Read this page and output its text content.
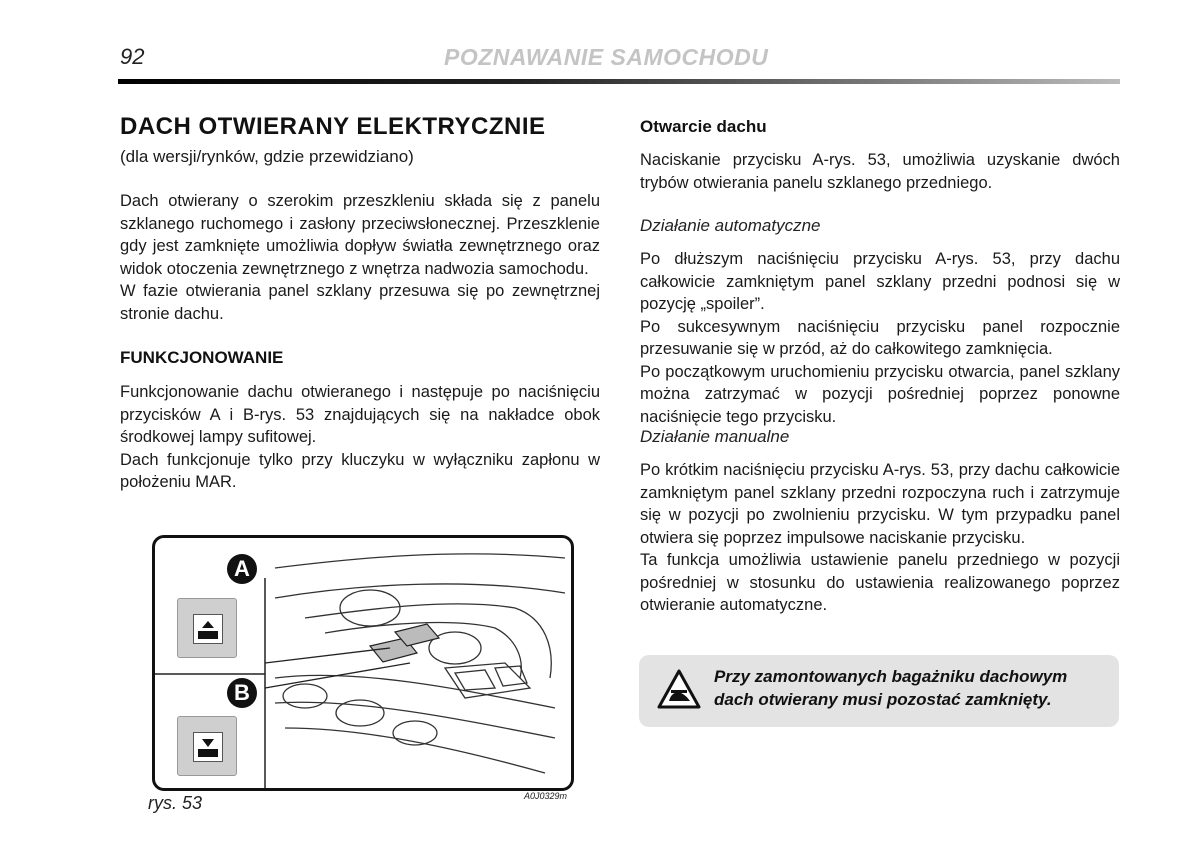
92	POZNAWANIE SAMOCHODU
DACH OTWIERANY ELEKTRYCZNIE
(dla wersji/rynków, gdzie przewidziano)

Dach otwierany o szerokim przeszkleniu składa się z panelu szklanego ruchomego i zasłony przeciwsłonecznej. Przeszklenie gdy jest zamknięte umożliwia dopływ światła zewnętrznego oraz widok otoczenia zewnętrznego z wnętrza nadwozia samochodu.

W fazie otwierania panel szklany przesuwa się po zewnętrznej stronie dachu.

FUNKCJONOWANIE

Funkcjonowanie dachu otwieranego i następuje po naciśnięciu przycisków A i B-rys. 53 znajdujących się na nakładce obok środkowej lampy sufitowej.

Dach funkcjonuje tylko przy kluczyku w wyłączniku zapłonu w położeniu MAR.

A
B
rys. 53	A0J0329m
Otwarcie dachu
Naciskanie przycisku A-rys. 53, umożliwia uzyskanie dwóch trybów otwierania panelu szklanego przedniego.
Działanie automatyczne

Po dłuższym naciśnięciu przycisku A-rys. 53, przy dachu całkowicie zamkniętym panel szklany przedni podnosi się w pozycję „spoiler”.

Po sukcesywnym naciśnięciu przycisku panel rozpocznie przesuwanie się w przód, aż do całkowitego zamknięcia.

Po początkowym uruchomieniu przycisku otwarcia, panel szklany można zatrzymać w pozycji pośredniej poprzez ponowne naciśnięcie tego przycisku.

Działanie manualne

Po krótkim naciśnięciu przycisku A-rys. 53, przy dachu całkowicie zamkniętym panel szklany przedni rozpoczyna ruch i zatrzymuje się w pozycji po zwolnieniu przycisku. W tym przypadku panel otwiera się poprzez impulsowe naciskanie przycisku.

Ta funkcja umożliwia ustawienie panelu przedniego w pozycji pośredniej w stosunku do ustawienia realizowanego poprzez otwieranie automatyczne.

Przy zamontowanych bagażniku dachowym dach otwierany musi pozostać zamknięty.
